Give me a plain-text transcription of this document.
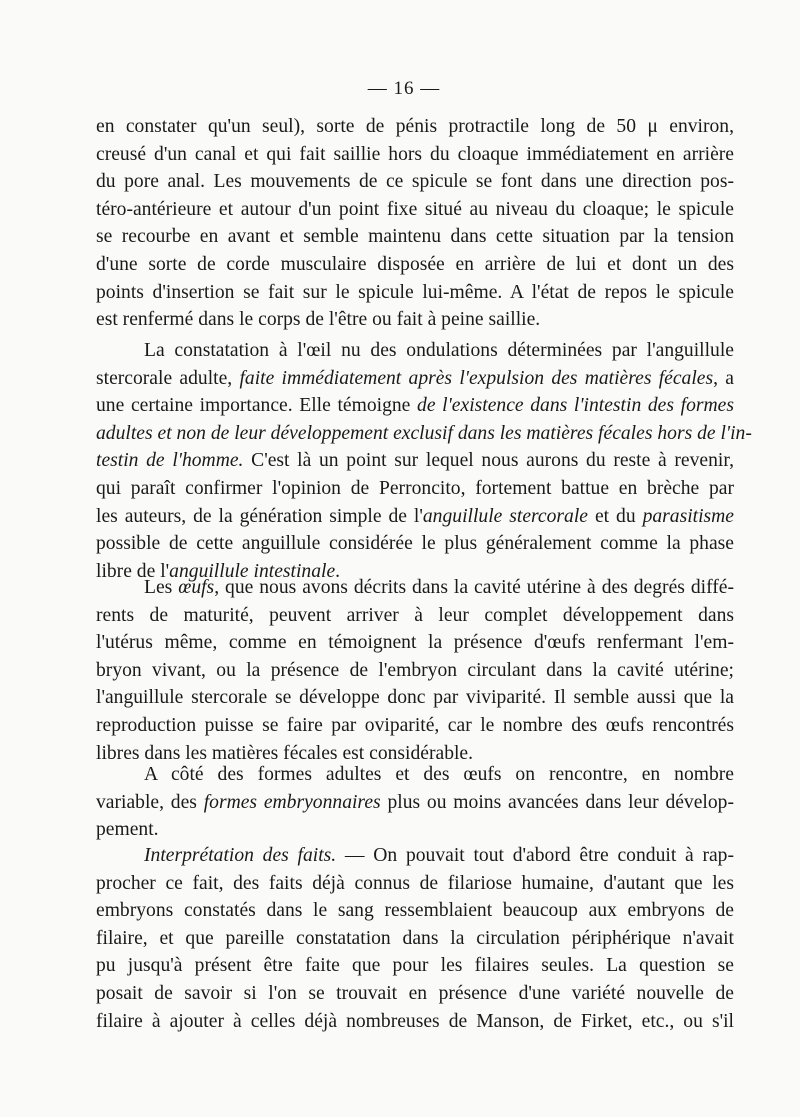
— 16 —
en constater qu'un seul), sorte de pénis protractile long de 50 μ environ,
creusé d'un canal et qui fait saillie hors du cloaque immédiatement en arrière
du pore anal. Les mouvements de ce spicule se font dans une direction pos-
téro-antérieure et autour d'un point fixe situé au niveau du cloaque; le spicule
se recourbe en avant et semble maintenu dans cette situation par la tension
d'une sorte de corde musculaire disposée en arrière de lui et dont un des
points d'insertion se fait sur le spicule lui-même. A l'état de repos le spicule
est renfermé dans le corps de l'être ou fait à peine saillie.
La constatation à l'œil nu des ondulations déterminées par l'anguillule
stercorale adulte, faite immédiatement après l'expulsion des matières fécales, a
une certaine importance. Elle témoigne de l'existence dans l'intestin des formes
adultes et non de leur développement exclusif dans les matières fécales hors de l'in-
testin de l'homme. C'est là un point sur lequel nous aurons du reste à revenir,
qui paraît confirmer l'opinion de Perroncito, fortement battue en brèche par
les auteurs, de la génération simple de l'anguillule stercorale et du parasitisme
possible de cette anguillule considérée le plus généralement comme la phase
libre de l'anguillule intestinale.
Les œufs, que nous avons décrits dans la cavité utérine à des degrés diffé-
rents de maturité, peuvent arriver à leur complet développement dans
l'utérus même, comme en témoignent la présence d'œufs renfermant l'em-
bryon vivant, ou la présence de l'embryon circulant dans la cavité utérine;
l'anguillule stercorale se développe donc par viviparité. Il semble aussi que la
reproduction puisse se faire par oviparité, car le nombre des œufs rencontrés
libres dans les matières fécales est considérable.
A côté des formes adultes et des œufs on rencontre, en nombre
variable, des formes embryonnaires plus ou moins avancées dans leur dévelop-
pement.
Interprétation des faits. — On pouvait tout d'abord être conduit à rap-
procher ce fait, des faits déjà connus de filariose humaine, d'autant que les
embryons constatés dans le sang ressemblaient beaucoup aux embryons de
filaire, et que pareille constatation dans la circulation périphérique n'avait
pu jusqu'à présent être faite que pour les filaires seules. La question se
posait de savoir si l'on se trouvait en présence d'une variété nouvelle de
filaire à ajouter à celles déjà nombreuses de Manson, de Firket, etc., ou s'il
